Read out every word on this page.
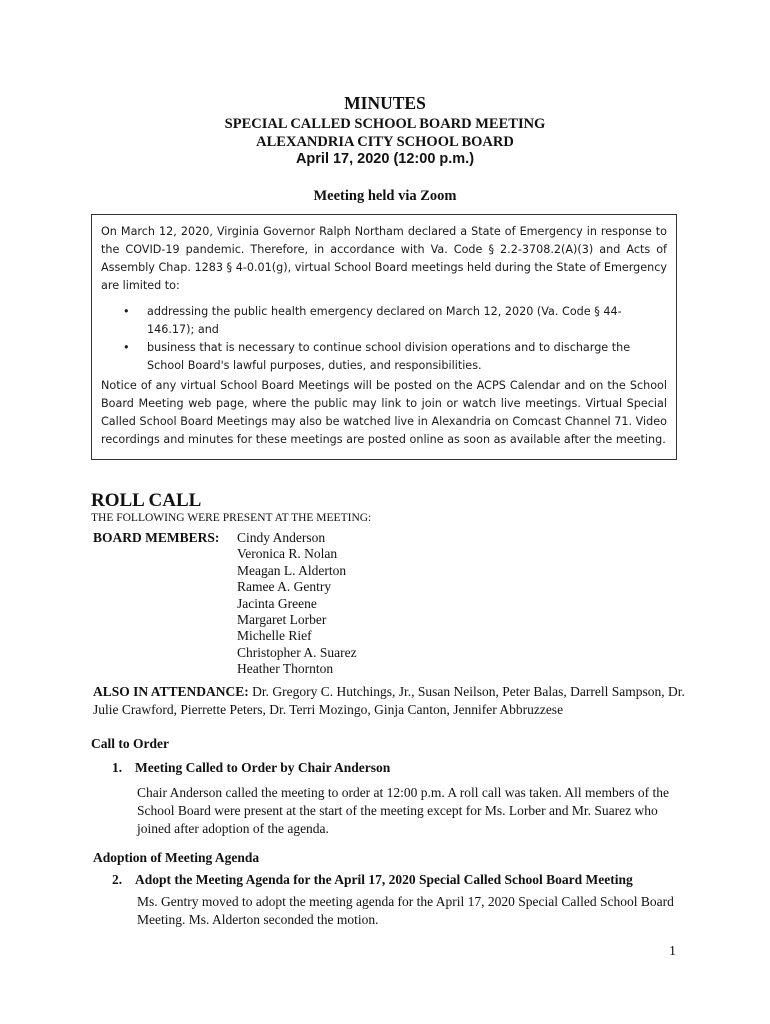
MINUTES
SPECIAL CALLED SCHOOL BOARD MEETING
ALEXANDRIA CITY SCHOOL BOARD
April 17, 2020 (12:00 p.m.)
Meeting held via Zoom

On March 12, 2020, Virginia Governor Ralph Northam declared a State of Emergency in response to the COVID-19 pandemic. Therefore, in accordance with Va. Code § 2.2-3708.2(A)(3) and Acts of Assembly Chap. 1283 § 4-0.01(g), virtual School Board meetings held during the State of Emergency are limited to:

• addressing the public health emergency declared on March 12, 2020 (Va. Code § 44-146.17); and
• business that is necessary to continue school division operations and to discharge the School Board's lawful purposes, duties, and responsibilities.

Notice of any virtual School Board Meetings will be posted on the ACPS Calendar and on the School Board Meeting web page, where the public may link to join or watch live meetings. Virtual Special Called School Board Meetings may also be watched live in Alexandria on Comcast Channel 71. Video recordings and minutes for these meetings are posted online as soon as available after the meeting.

ROLL CALL
THE FOLLOWING WERE PRESENT AT THE MEETING:
BOARD MEMBERS: Cindy Anderson
Veronica R. Nolan
Meagan L. Alderton
Ramee A. Gentry
Jacinta Greene
Margaret Lorber
Michelle Rief
Christopher A. Suarez
Heather Thornton
ALSO IN ATTENDANCE: Dr. Gregory C. Hutchings, Jr., Susan Neilson, Peter Balas, Darrell Sampson, Dr. Julie Crawford, Pierrette Peters, Dr. Terri Mozingo, Ginja Canton, Jennifer Abbruzzese
Call to Order
1. Meeting Called to Order by Chair Anderson
Chair Anderson called the meeting to order at 12:00 p.m. A roll call was taken. All members of the School Board were present at the start of the meeting except for Ms. Lorber and Mr. Suarez who joined after adoption of the agenda.
Adoption of Meeting Agenda
2. Adopt the Meeting Agenda for the April 17, 2020 Special Called School Board Meeting
Ms. Gentry moved to adopt the meeting agenda for the April 17, 2020 Special Called School Board Meeting. Ms. Alderton seconded the motion.
1
